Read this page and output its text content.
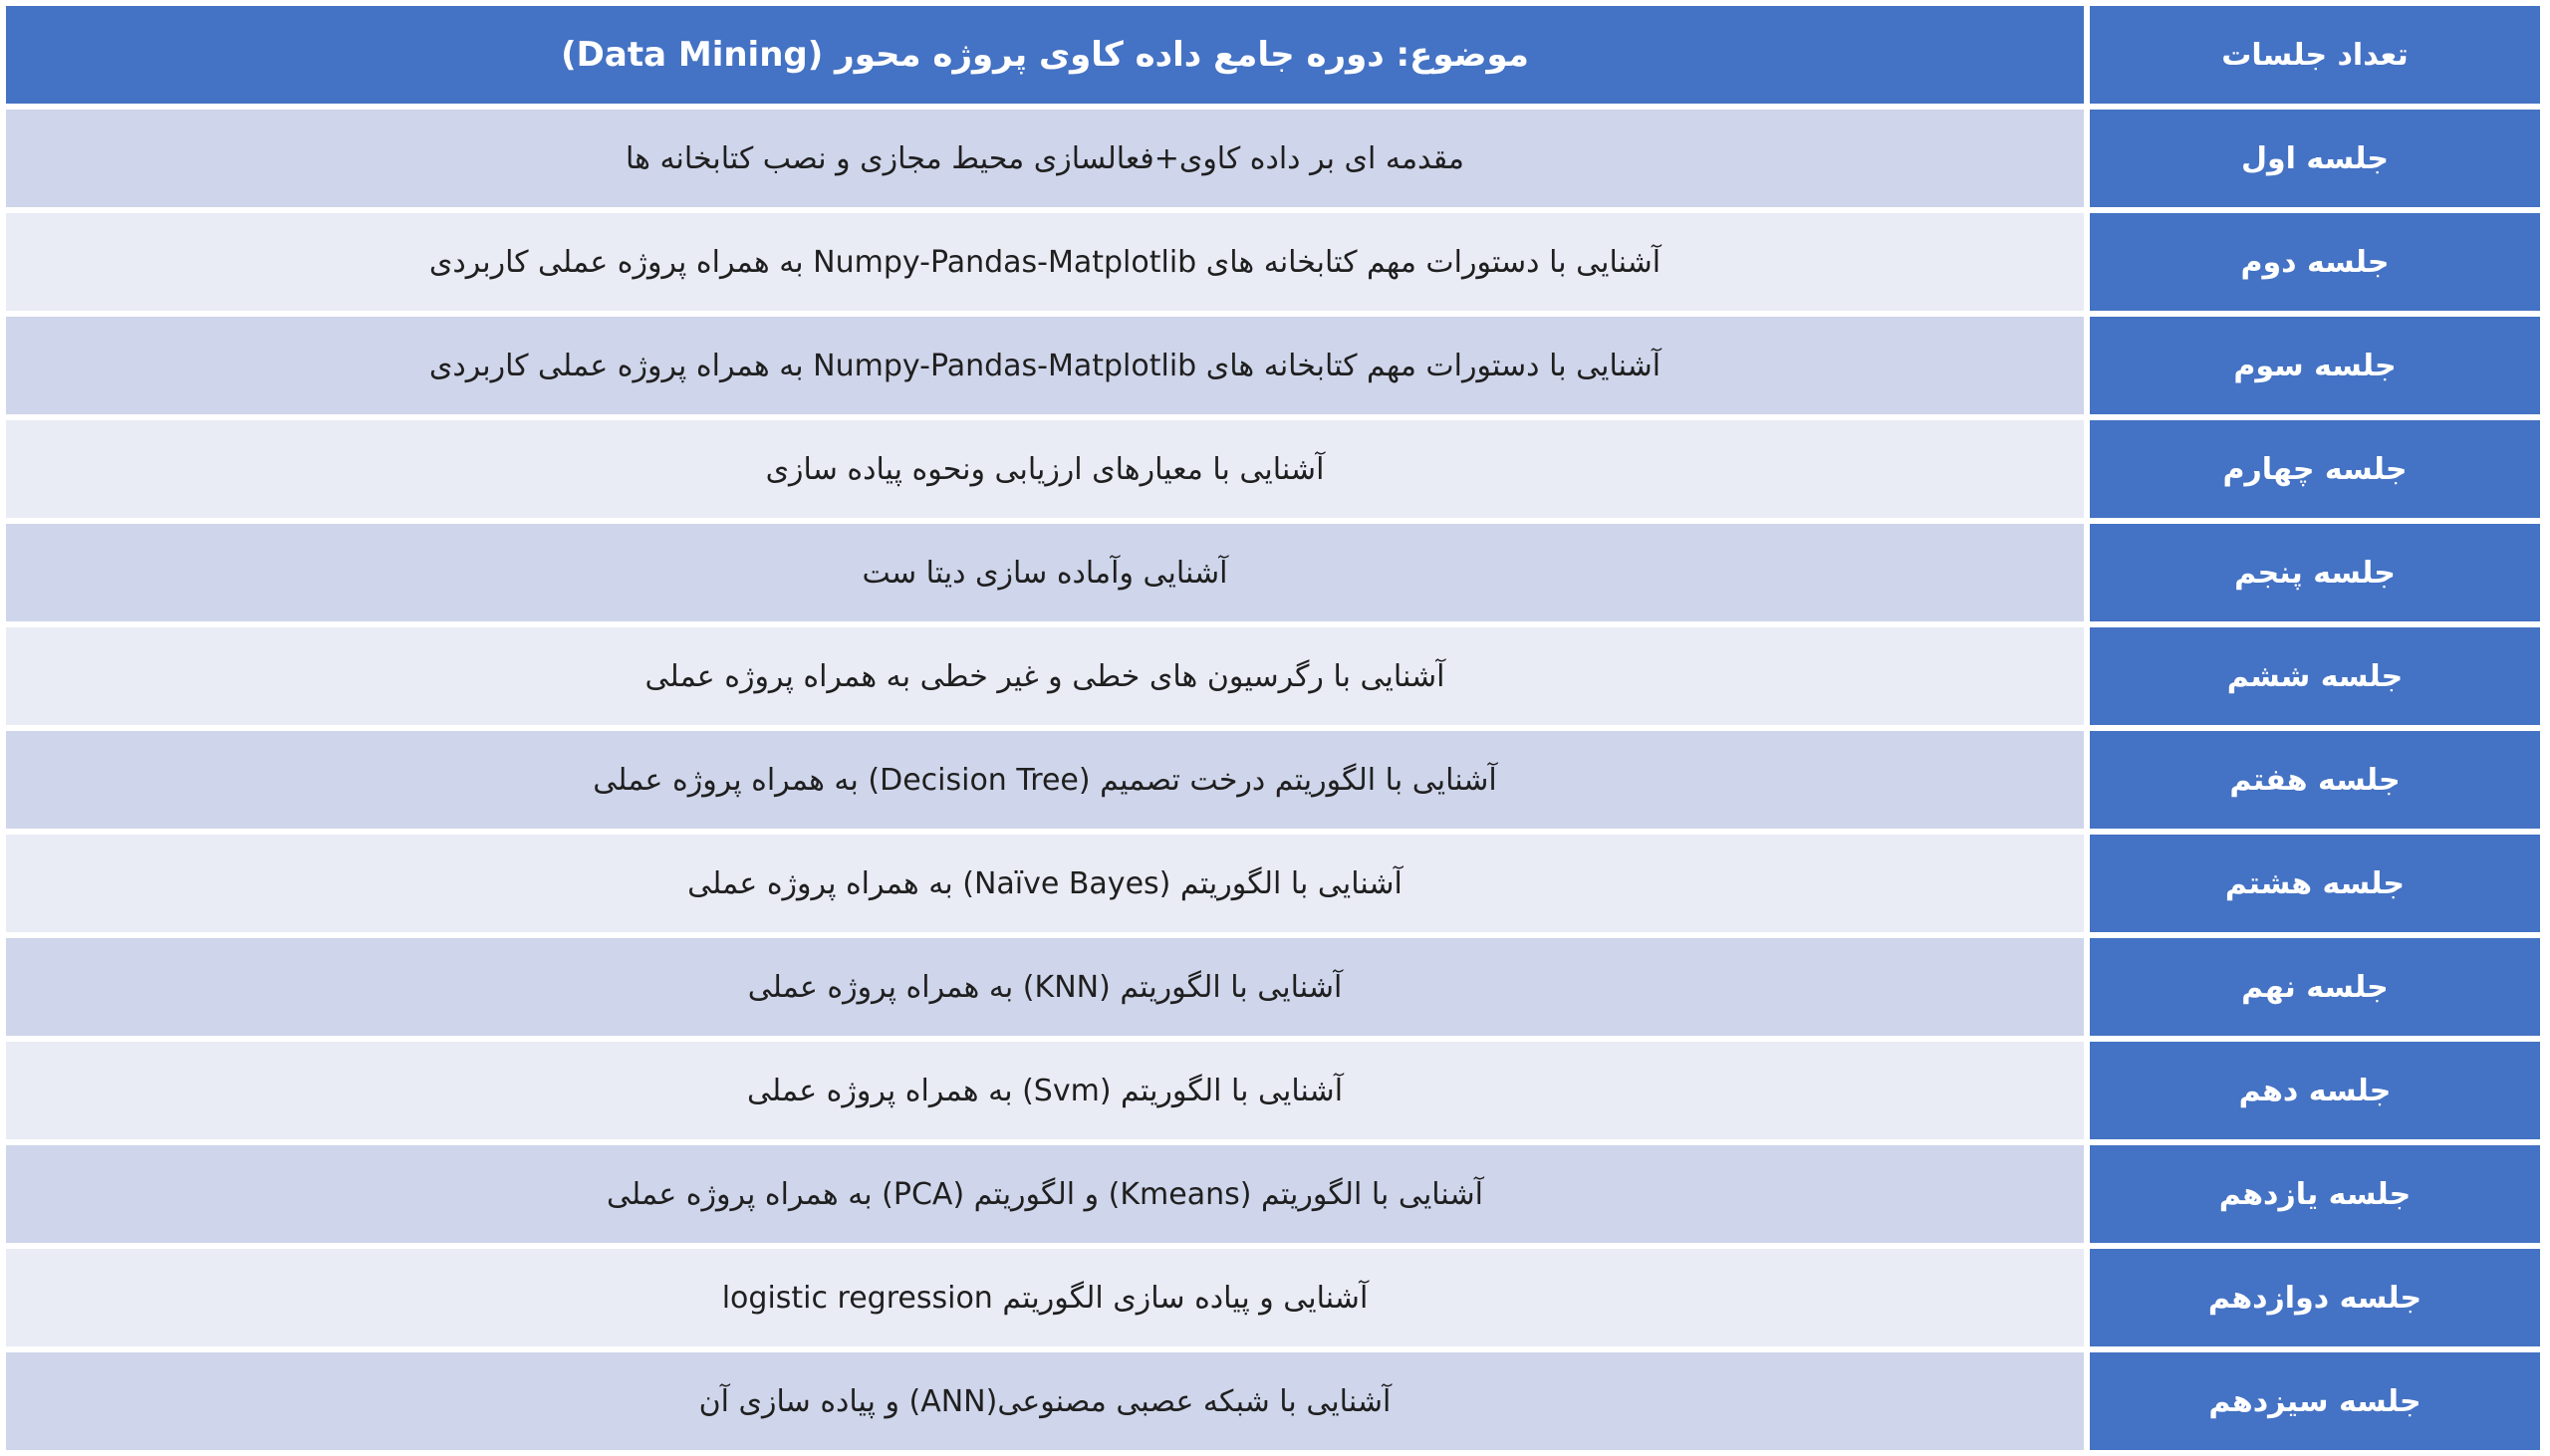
تعداد جلسات	موضوع: دوره جامع داده کاوی پروژه محور (Data Mining)
جلسه اول	مقدمه ای بر داده کاوی+فعالسازی محیط مجازی و نصب کتابخانه ها
جلسه دوم	آشنایی با دستورات مهم کتابخانه های Numpy-Pandas-Matplotlib به همراه پروژه عملی کاربردی
جلسه سوم	آشنایی با دستورات مهم کتابخانه های Numpy-Pandas-Matplotlib به همراه پروژه عملی کاربردی
جلسه چهارم	آشنایی با معیارهای ارزیابی ونحوه پیاده سازی
جلسه پنجم	آشنایی وآماده سازی دیتا ست
جلسه ششم	آشنایی با رگرسیون های خطی و غیر خطی به همراه پروژه عملی
جلسه هفتم	آشنایی با الگوریتم درخت تصمیم (Decision Tree) به همراه پروژه عملی
جلسه هشتم	آشنایی با الگوریتم (Naïve Bayes) به همراه پروژه عملی
جلسه نهم	آشنایی با الگوریتم (KNN) به همراه پروژه عملی
جلسه دهم	آشنایی با الگوریتم (Svm) به همراه پروژه عملی
جلسه یازدهم	آشنایی با الگوریتم (Kmeans) و الگوریتم (PCA) به همراه پروژه عملی
جلسه دوازدهم	آشنایی و پیاده سازی الگوریتم logistic regression
جلسه سیزدهم	آشنایی با شبکه عصبی مصنوعی(ANN) و پیاده سازی آن
